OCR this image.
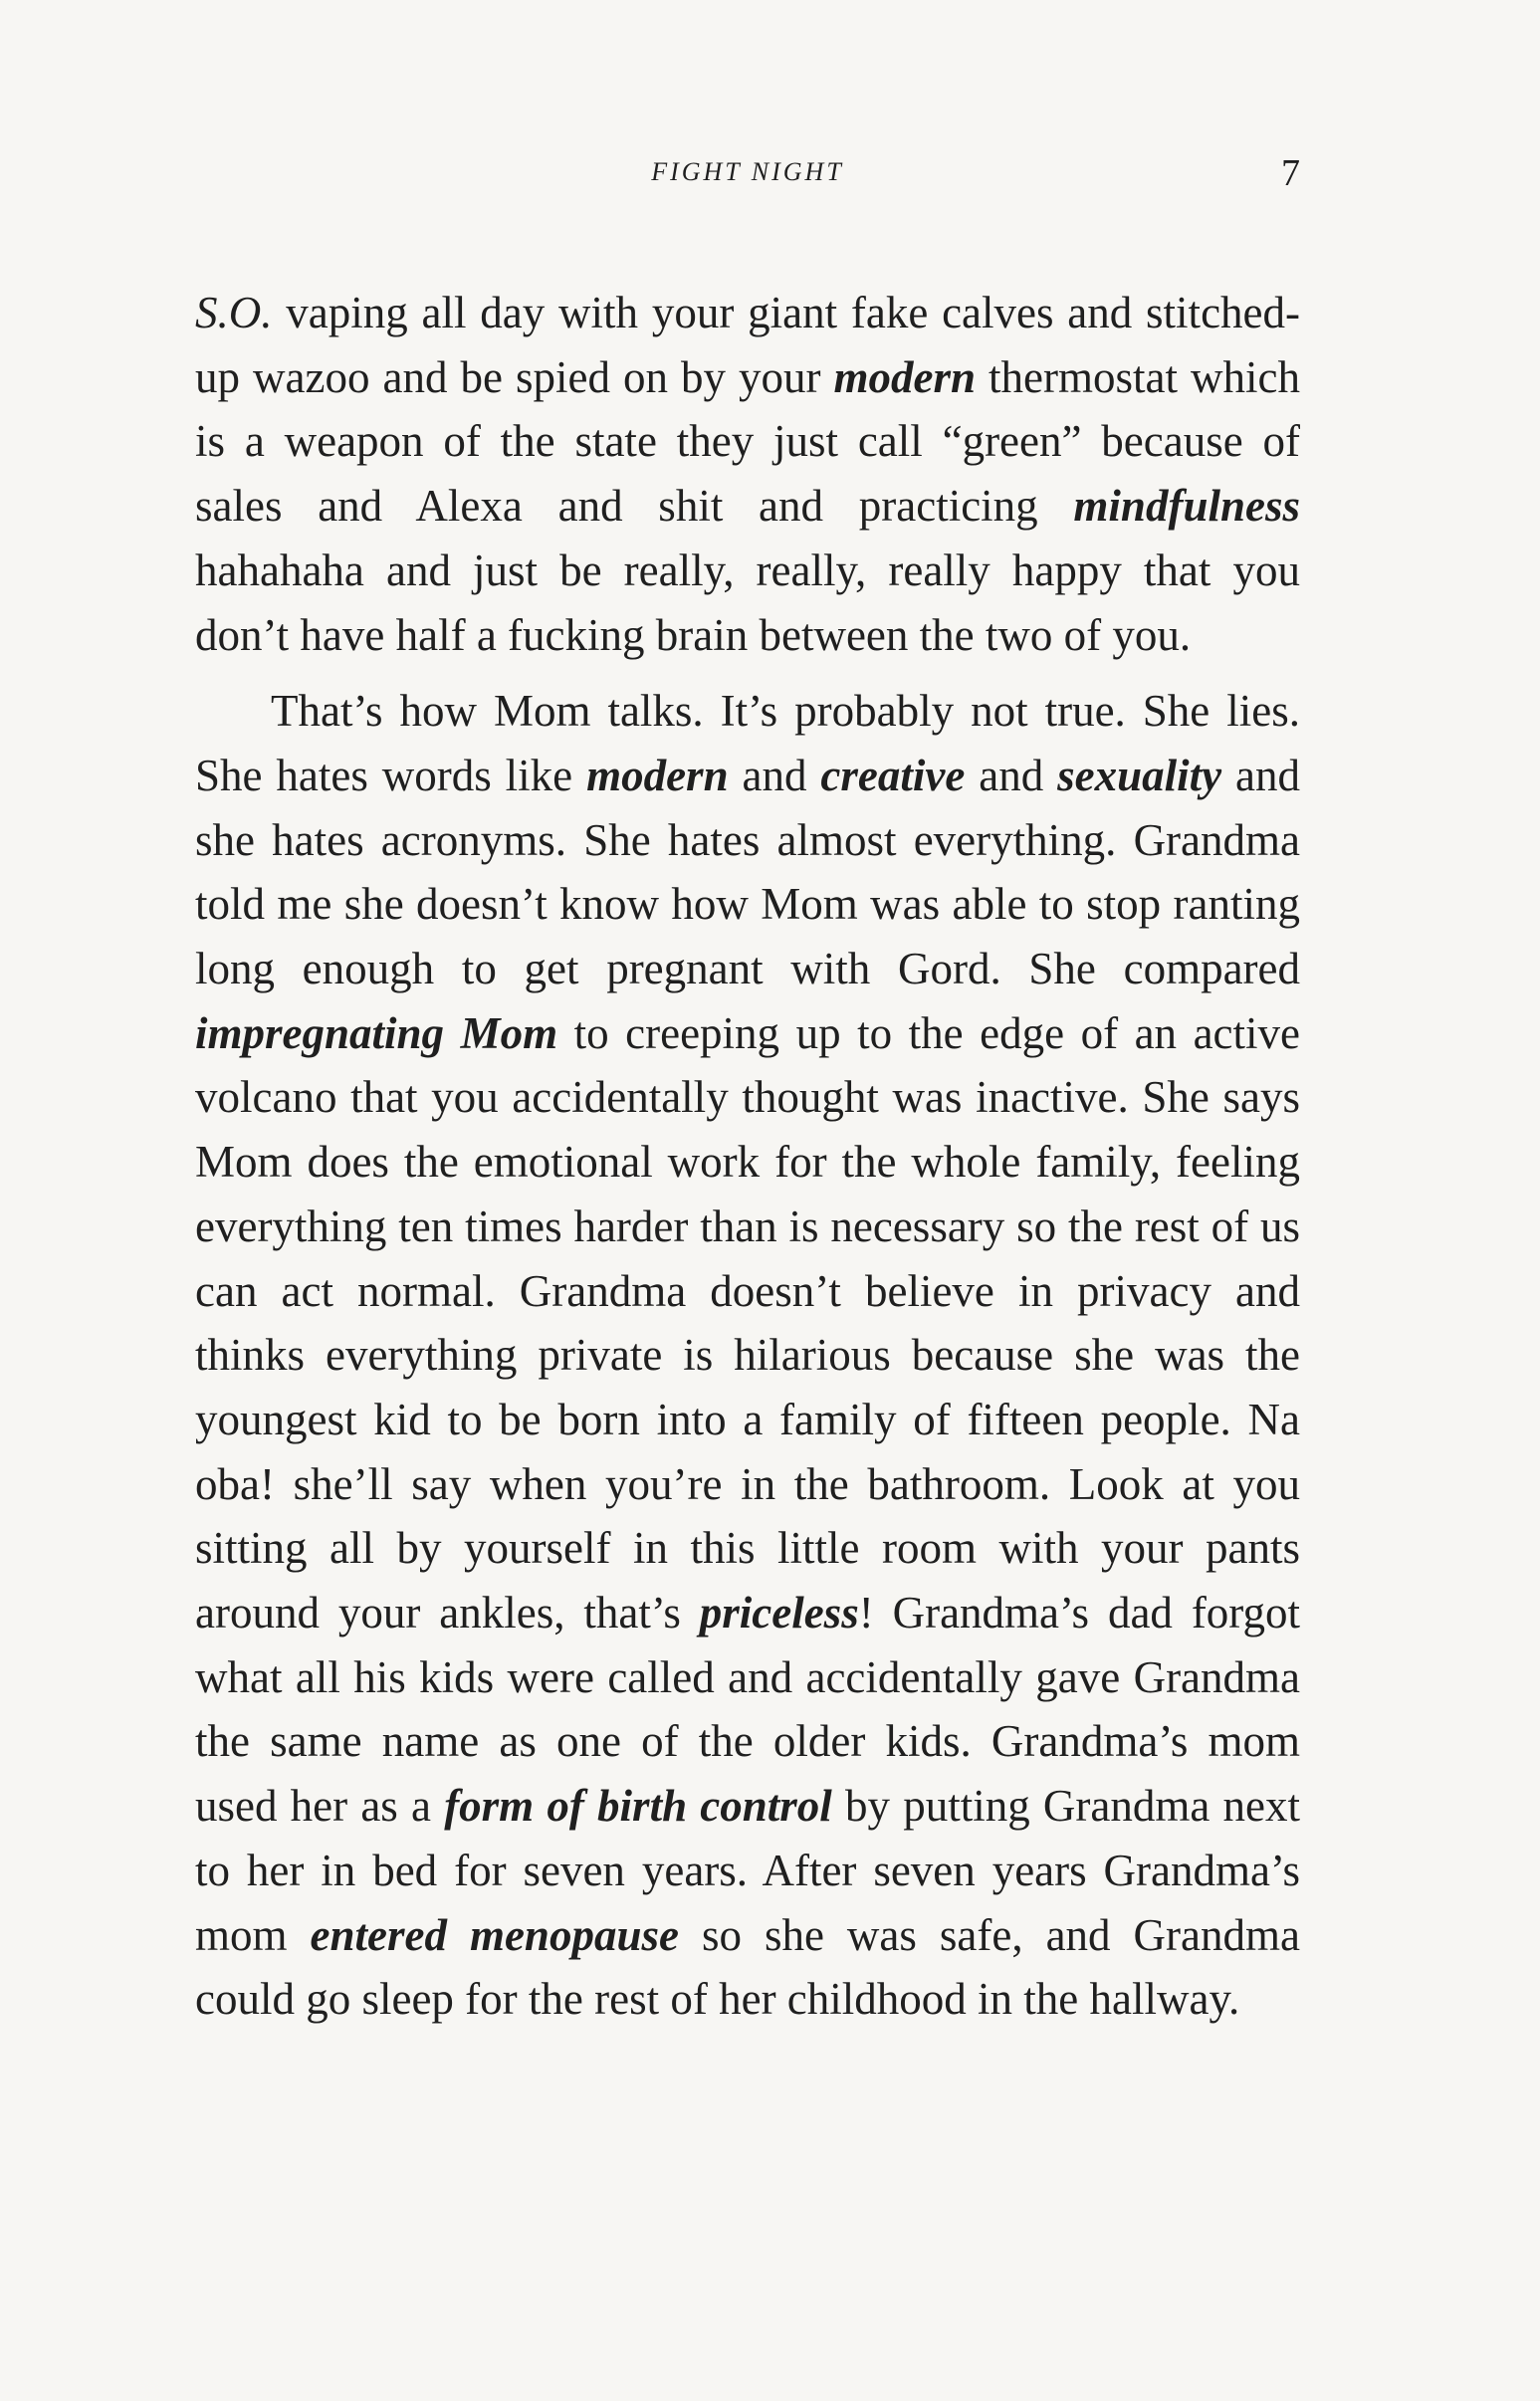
FIGHT NIGHT	7

S.O. vaping all day with your giant fake calves and stitched-up wazoo and be spied on by your modern thermostat which is a weapon of the state they just call “green” because of sales and Alexa and shit and practicing mindfulness hahahaha and just be really, really, really happy that you don’t have half a fucking brain between the two of you.

That’s how Mom talks. It’s probably not true. She lies. She hates words like modern and creative and sexuality and she hates acronyms. She hates almost everything. Grandma told me she doesn’t know how Mom was able to stop ranting long enough to get pregnant with Gord. She compared impregnating Mom to creeping up to the edge of an active volcano that you accidentally thought was inactive. She says Mom does the emotional work for the whole family, feeling everything ten times harder than is necessary so the rest of us can act normal. Grandma doesn’t believe in privacy and thinks everything private is hilarious because she was the youngest kid to be born into a family of fifteen people. Na oba! she’ll say when you’re in the bathroom. Look at you sitting all by yourself in this little room with your pants around your ankles, that’s priceless! Grandma’s dad forgot what all his kids were called and accidentally gave Grandma the same name as one of the older kids. Grandma’s mom used her as a form of birth control by putting Grandma next to her in bed for seven years. After seven years Grandma’s mom entered menopause so she was safe, and Grandma could go sleep for the rest of her childhood in the hallway.
